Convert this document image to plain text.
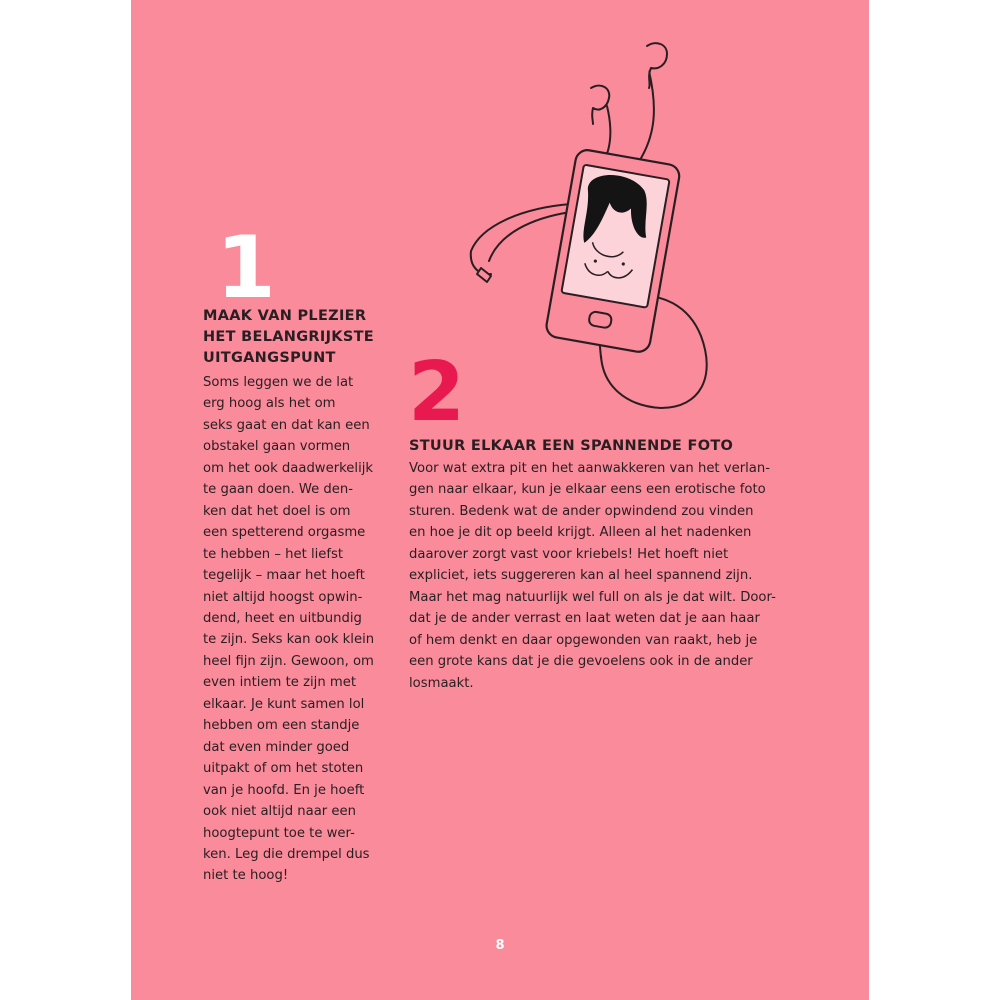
1
MAAK VAN PLEZIER
HET BELANGRIJKSTE
UITGANGSPUNT

Soms leggen we de lat
erg hoog als het om
seks gaat en dat kan een
obstakel gaan vormen
om het ook daadwerkelijk
te gaan doen. We den-
ken dat het doel is om
een spetterend orgasme
te hebben – het liefst
tegelijk – maar het hoeft
niet altijd hoogst opwin-
dend, heet en uitbundig
te zijn. Seks kan ook klein
heel fijn zijn. Gewoon, om
even intiem te zijn met
elkaar. Je kunt samen lol
hebben om een standje
dat even minder goed
uitpakt of om het stoten
van je hoofd. En je hoeft
ook niet altijd naar een
hoogtepunt toe te wer-
ken. Leg die drempel dus
niet te hoog!

2
STUUR ELKAAR EEN SPANNENDE FOTO

Voor wat extra pit en het aanwakkeren van het verlan-
gen naar elkaar, kun je elkaar eens een erotische foto
sturen. Bedenk wat de ander opwindend zou vinden
en hoe je dit op beeld krijgt. Alleen al het nadenken
daarover zorgt vast voor kriebels! Het hoeft niet
expliciet, iets suggereren kan al heel spannend zijn.
Maar het mag natuurlijk wel full on als je dat wilt. Door-
dat je de ander verrast en laat weten dat je aan haar
of hem denkt en daar opgewonden van raakt, heb je
een grote kans dat je die gevoelens ook in de ander
losmaakt.

8
